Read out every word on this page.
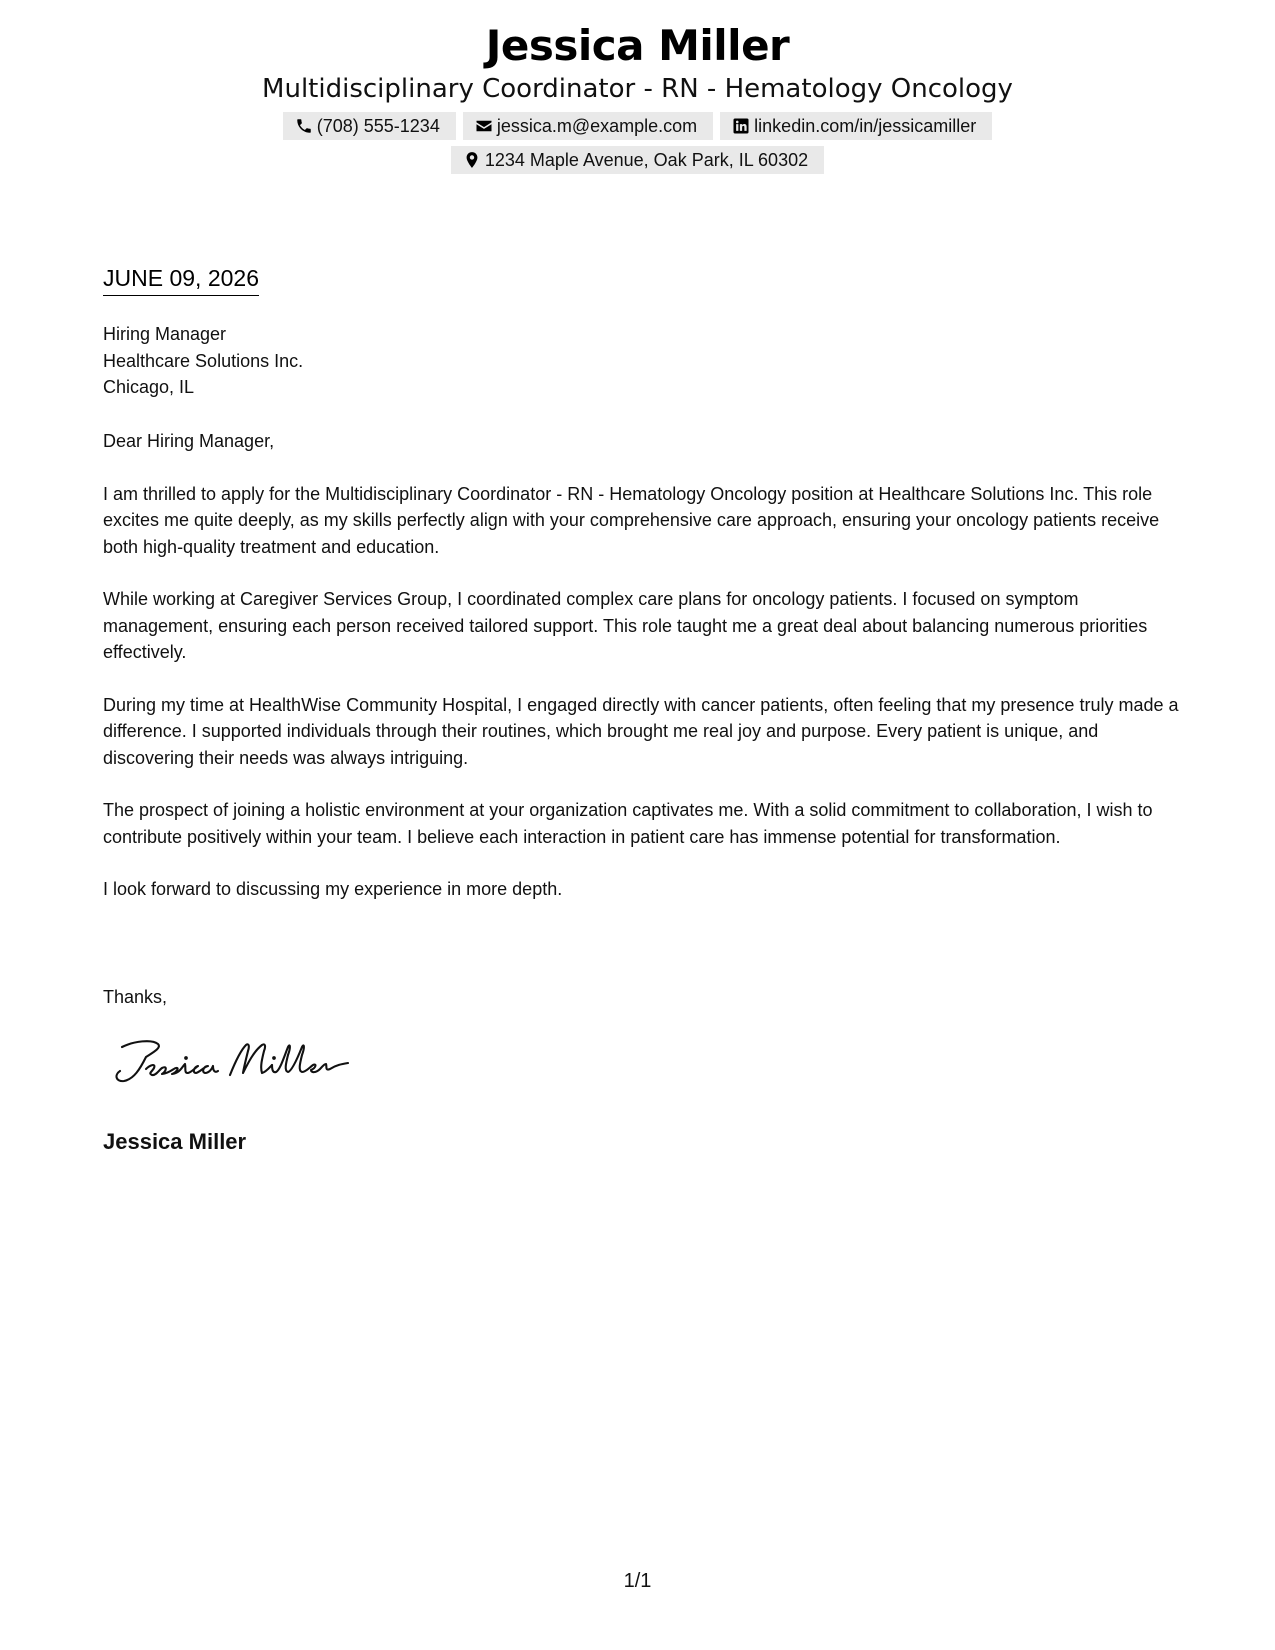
Jessica Miller
Multidisciplinary Coordinator - RN - Hematology Oncology
(708) 555-1234	jessica.m@example.com	linkedin.com/in/jessicamiller
1234 Maple Avenue, Oak Park, IL 60302
JUNE 09, 2026
Hiring Manager
Healthcare Solutions Inc.
Chicago, IL

Dear Hiring Manager,

I am thrilled to apply for the Multidisciplinary Coordinator - RN - Hematology Oncology position at Healthcare Solutions Inc. This role excites me quite deeply, as my skills perfectly align with your comprehensive care approach, ensuring your oncology patients receive both high-quality treatment and education.

While working at Caregiver Services Group, I coordinated complex care plans for oncology patients. I focused on symptom management, ensuring each person received tailored support. This role taught me a great deal about balancing numerous priorities effectively.

During my time at HealthWise Community Hospital, I engaged directly with cancer patients, often feeling that my presence truly made a difference. I supported individuals through their routines, which brought me real joy and purpose. Every patient is unique, and discovering their needs was always intriguing.

The prospect of joining a holistic environment at your organization captivates me. With a solid commitment to collaboration, I wish to contribute positively within your team. I believe each interaction in patient care has immense potential for transformation.

I look forward to discussing my experience in more depth.

Thanks,
Jessica Miller
1/1
